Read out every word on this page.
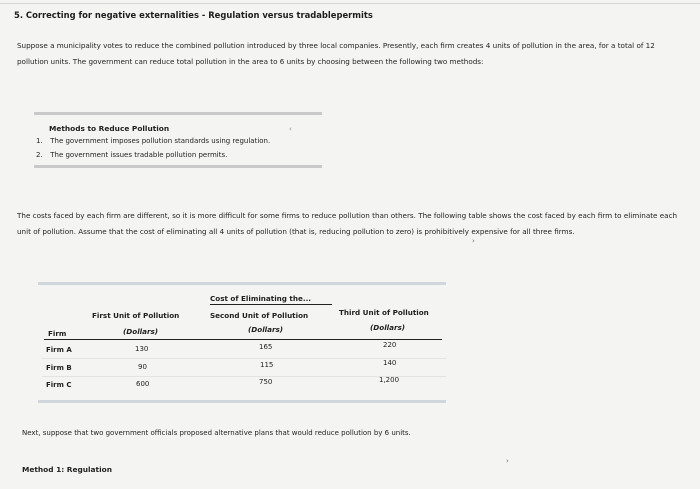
5. Correcting for negative externalities - Regulation versus tradablepermits
Suppose a municipality votes to reduce the combined pollution introduced by three local companies. Presently, each firm creates 4 units of pollution in the area, for a total of 12 pollution units. The government can reduce total pollution in the area to 6 units by choosing between the following two methods:
Methods to Reduce Pollution
1. The government imposes pollution standards using regulation.
2. The government issues tradable pollution permits.
‹
The costs faced by each firm are different, so it is more difficult for some firms to reduce pollution than others. The following table shows the cost faced by each firm to eliminate each unit of pollution. Assume that the cost of eliminating all 4 units of pollution (that is, reducing pollution to zero) is prohibitively expensive for all three firms.
›
Cost of Eliminating the...
First Unit of Pollution	Second Unit of Pollution	Third Unit of Pollution
Firm	(Dollars)	(Dollars)	(Dollars)
Firm A	130	165	220
Firm B	90	115	140
Firm C	600	750	1,200
Next, suppose that two government officials proposed alternative plans that would reduce pollution by 6 units.
›
Method 1: Regulation
